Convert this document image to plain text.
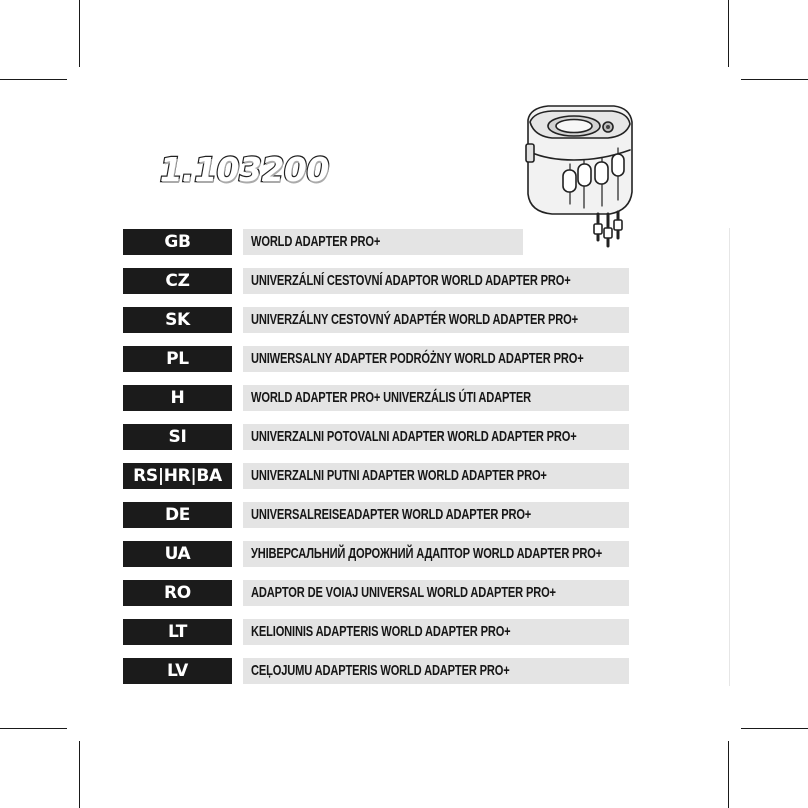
1.103200
GB	WORLD ADAPTER PRO+
CZ	UNIVERZÁLNÍ CESTOVNÍ ADAPTOR WORLD ADAPTER PRO+
SK	UNIVERZÁLNY CESTOVNÝ ADAPTÉR WORLD ADAPTER PRO+
PL	UNIWERSALNY ADAPTER PODRÓŻNY WORLD ADAPTER PRO+
H	WORLD ADAPTER PRO+ UNIVERZÁLIS ÚTI ADAPTER
SI	UNIVERZALNI POTOVALNI ADAPTER WORLD ADAPTER PRO+
RS|HR|BA	UNIVERZALNI PUTNI ADAPTER WORLD ADAPTER PRO+
DE	UNIVERSALREISEADAPTER WORLD ADAPTER PRO+
UA	УНІВЕРСАЛЬНИЙ ДОРОЖНИЙ АДАПТОР WORLD ADAPTER PRO+
RO	ADAPTOR DE VOIAJ UNIVERSAL WORLD ADAPTER PRO+
LT	KELIONINIS ADAPTERIS WORLD ADAPTER PRO+
LV	CEĻOJUMU ADAPTERIS WORLD ADAPTER PRO+
